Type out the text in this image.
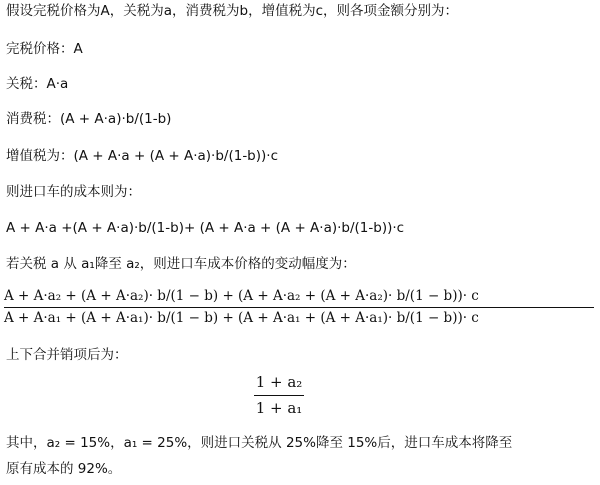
假设完税价格为A，关税为a，消费税为b，增值税为c，则各项金额分别为：
完税价格：A
关税：A·a
消费税：(A + A·a)·b/(1-b)
增值税为：(A + A·a + (A + A·a)·b/(1-b))·c
则进口车的成本则为：
A + A·a +(A + A·a)·b/(1-b)+ (A + A·a + (A + A·a)·b/(1-b))·c
若关税 a 从 a₁降至 a₂，则进口车成本价格的变动幅度为：
A + A·a₂ + (A + A·a₂)· b/(1 − b) + (A + A·a₂ + (A + A·a₂)· b/(1 − b))· c
A + A·a₁ + (A + A·a₁)· b/(1 − b) + (A + A·a₁ + (A + A·a₁)· b/(1 − b))· c
上下合并销项后为：
1 + a₂
1 + a₁
其中，a₂ = 15%，a₁ = 25%，则进口关税从 25%降至 15%后，进口车成本将降至
原有成本的 92%。
